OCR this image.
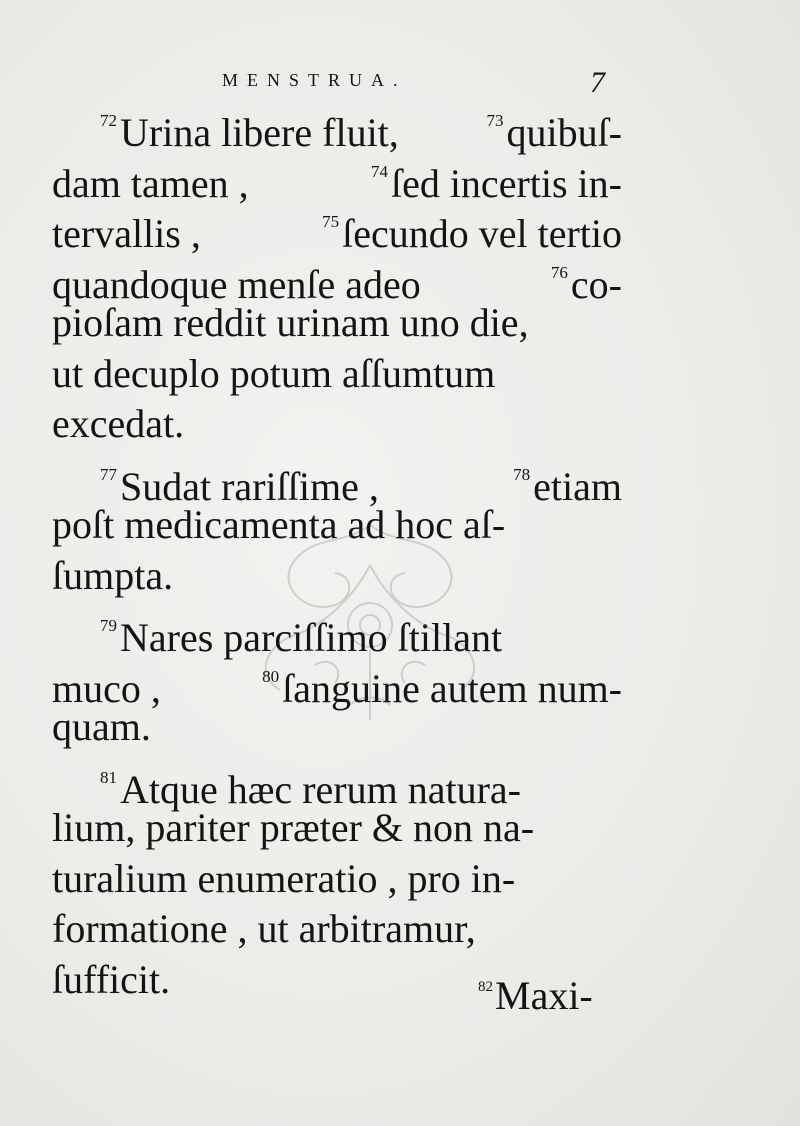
MENSTRUA.	7
$^{72}$Urina libere fluit,	$^{73}$quibuſ-
dam tamen ,	$^{74}$ſed incertis in-
tervallis ,	$^{75}$ſecundo vel tertio
quandoque menſe adeo	$^{76}$co-
pioſam reddit urinam uno die,
ut decuplo potum aſſumtum
excedat.
$^{77}$Sudat rariſſime ,	$^{78}$etiam
poſt medicamenta ad hoc aſ-
ſumpta.
$^{79}$Nares parciſſimo ſtillant
muco ,	$^{80}$ſanguine autem num-
quam.
$^{81}$Atque hæc rerum natura-
lium, pariter præter & non na-
turalium enumeratio , pro in-
formatione , ut arbitramur,
ſufficit.	$^{82}$Maxi-
